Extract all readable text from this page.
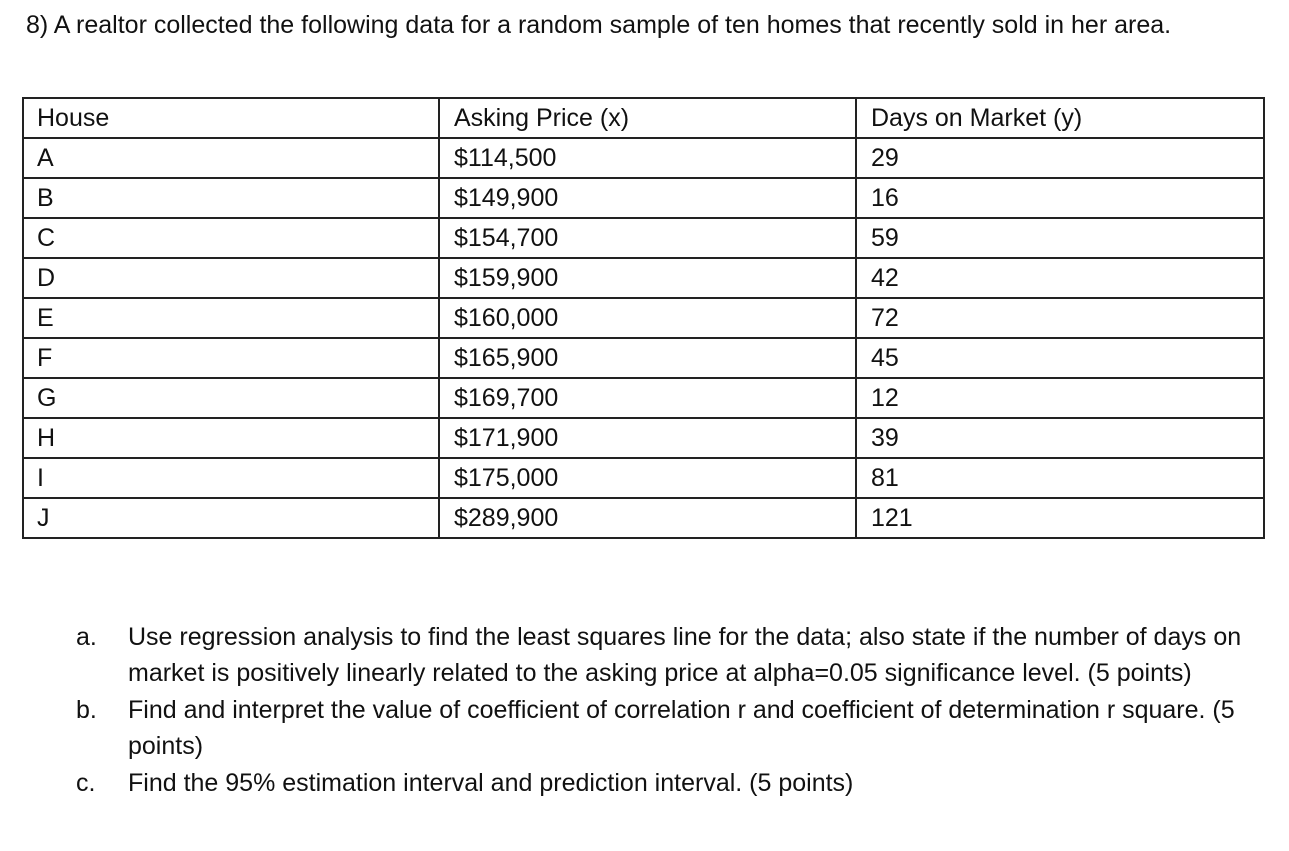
8) A realtor collected the following data for a random sample of ten homes that recently sold in her area.

House	Asking Price (x)	Days on Market (y)
A	$114,500	29
B	$149,900	16
C	$154,700	59
D	$159,900	42
E	$160,000	72
F	$165,900	45
G	$169,700	12
H	$171,900	39
I	$175,000	81
J	$289,900	121
a.	Use regression analysis to find the least squares line for the data; also state if the number of days on market is positively linearly related to the asking price at alpha=0.05 significance level. (5 points)
b.	Find and interpret the value of coefficient of correlation r and coefficient of determination r square. (5 points)
c.	Find the 95% estimation interval and prediction interval. (5 points)
